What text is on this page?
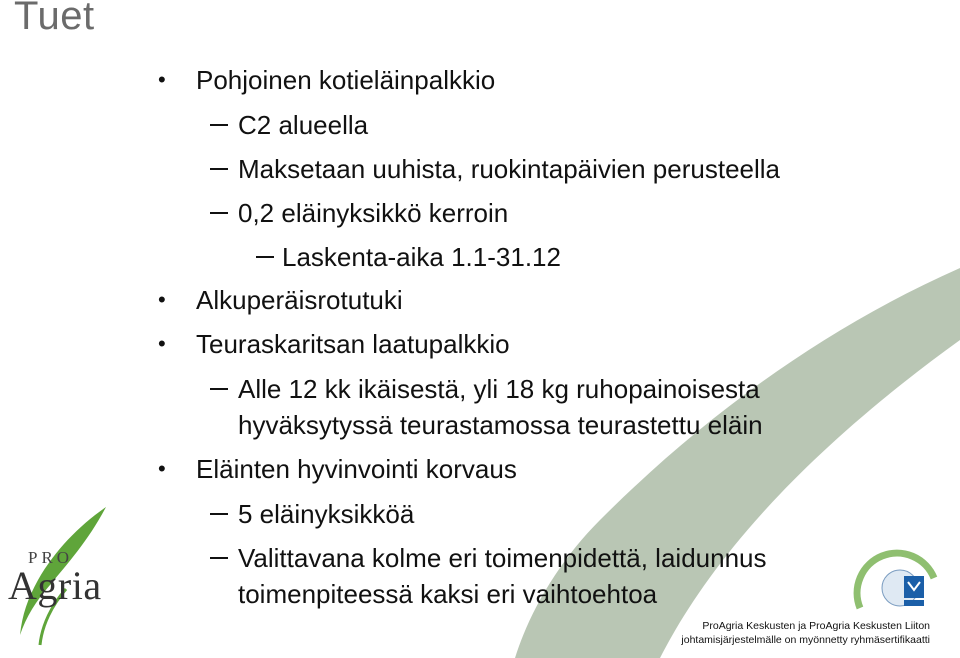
Tuet
• Pohjoinen kotieläinpalkkio
C2 alueella
Maksetaan uuhista, ruokintapäivien perusteella
0,2 eläinyksikkö kerroin
Laskenta-aika 1.1-31.12
• Alkuperäisrotutuki
• Teuraskaritsan laatupalkkio
Alle 12 kk ikäisestä, yli 18 kg ruhopainoisesta
hyväksytyssä teurastamossa teurastettu eläin
• Eläinten hyvinvointi korvaus
5 eläinyksikköä
Valittavana kolme eri toimenpidettä, laidunnus
toimenpiteessä kaksi eri vaihtoehtoa
PRO
Agria
ProAgria Keskusten ja ProAgria Keskusten Liiton
johtamisjärjestelmälle on myönnetty ryhmäsertifikaatti
